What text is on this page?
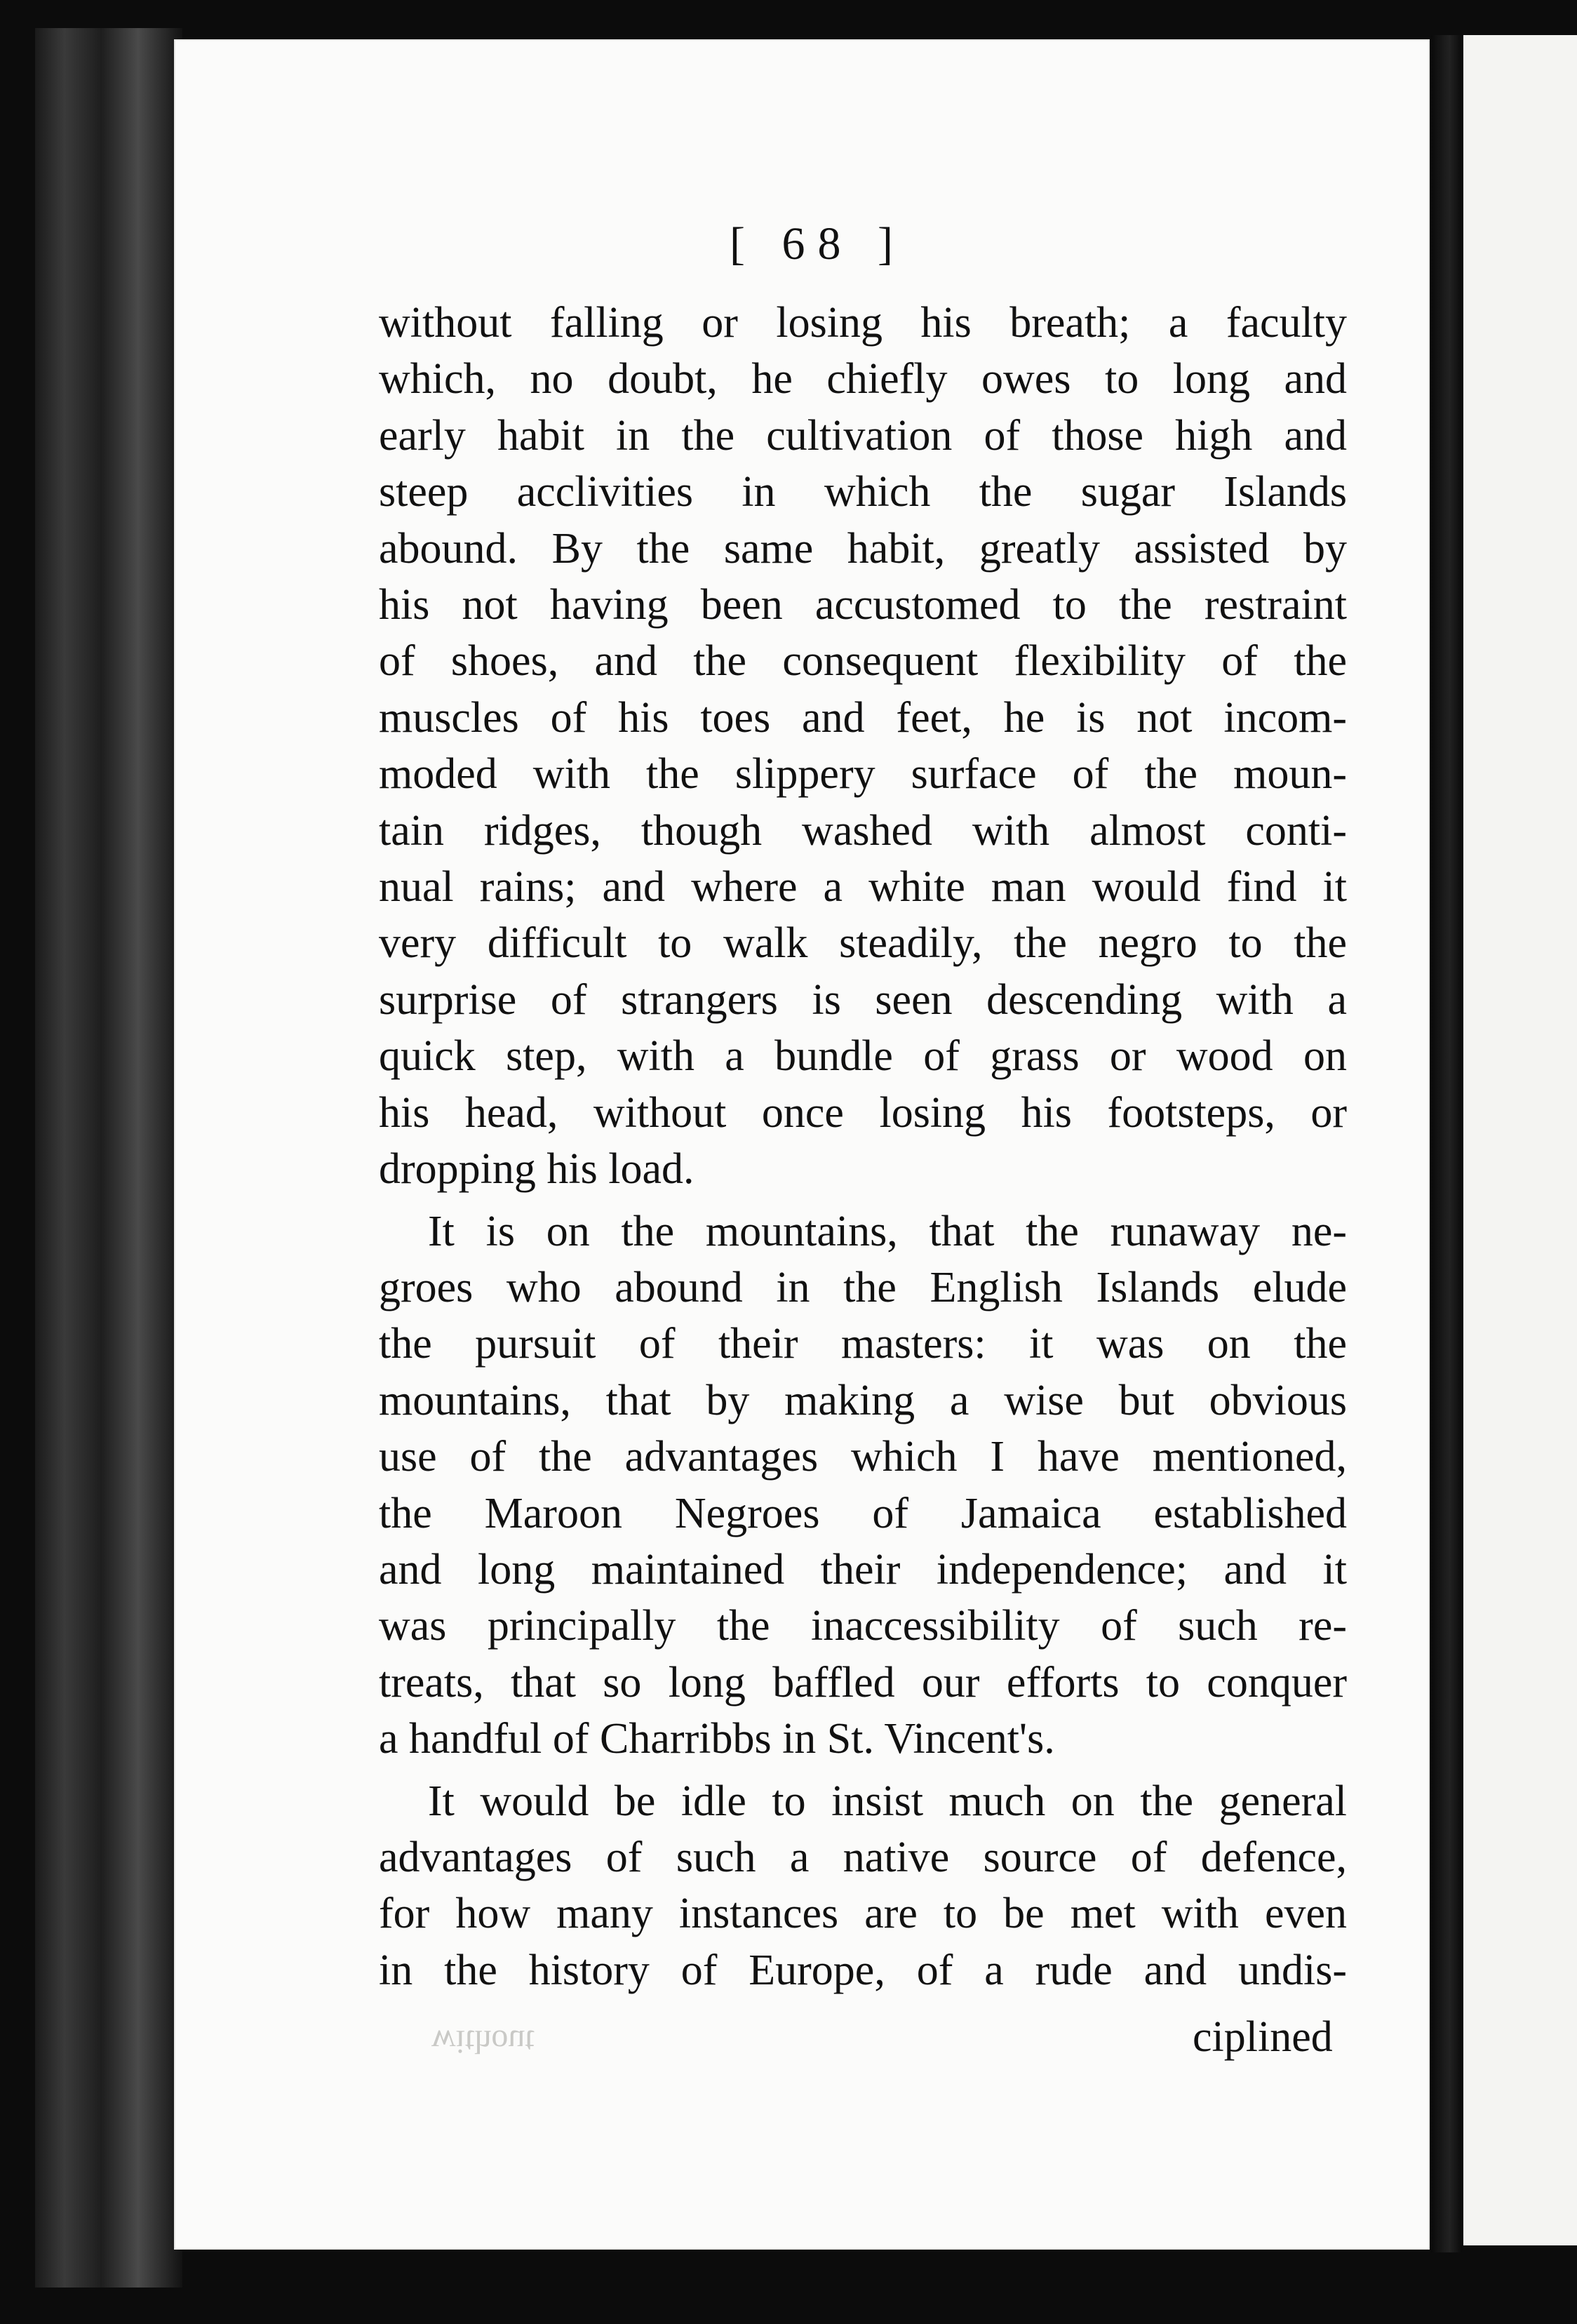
[ 68 ]
without falling or losing his breath; a faculty
which, no doubt, he chiefly owes to long and
early habit in the cultivation of those high and
steep acclivities in which the sugar Islands
abound. By the same habit, greatly assisted by
his not having been accustomed to the restraint
of shoes, and the consequent flexibility of the
muscles of his toes and feet, he is not incom-
moded with the slippery surface of the moun-
tain ridges, though washed with almost conti-
nual rains; and where a white man would find it
very difficult to walk steadily, the negro to the
surprise of strangers is seen descending with a
quick step, with a bundle of grass or wood on
his head, without once losing his footsteps, or
dropping his load.
It is on the mountains, that the runaway ne-
groes who abound in the English Islands elude
the pursuit of their masters: it was on the
mountains, that by making a wise but obvious
use of the advantages which I have mentioned,
the Maroon Negroes of Jamaica established
and long maintained their independence; and it
was principally the inaccessibility of such re-
treats, that so long baffled our efforts to conquer
a handful of Charribbs in St. Vincent's.
It would be idle to insist much on the general
advantages of such a native source of defence,
for how many instances are to be met with even
in the history of Europe, of a rude and undis-
without	ciplined
